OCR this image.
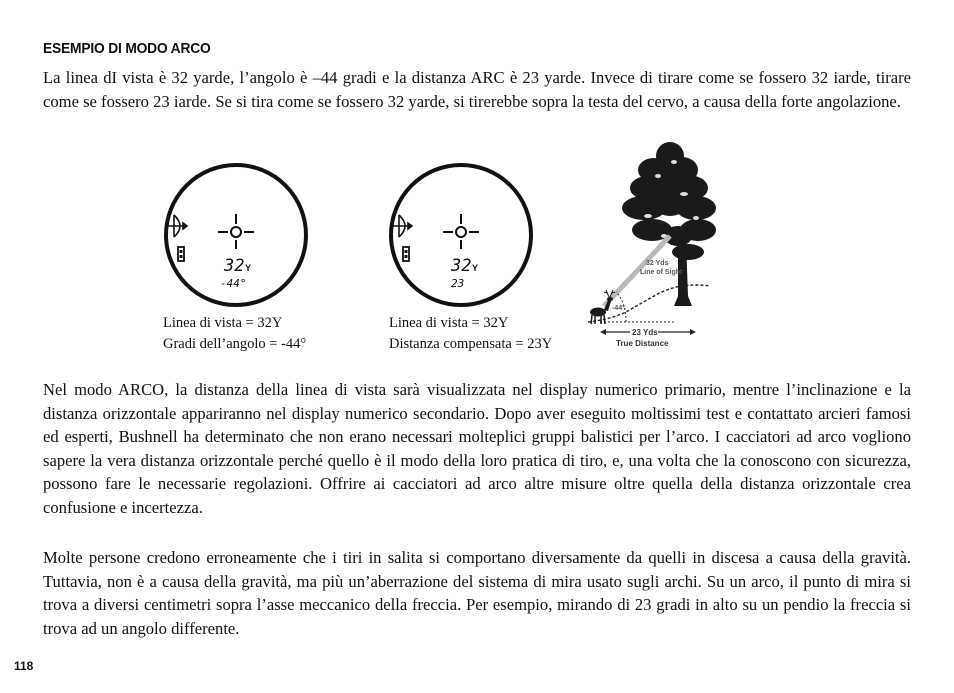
ESEMPIO DI MODO ARCO

La linea dI vista è 32 yarde, l’angolo è –44 gradi e la distanza ARC è 23 yarde. Invece di tirare come se fossero 32 iarde, tirare come se fossero 23 iarde. Se si tira come se fossero 32 yarde, si tirerebbe sopra la testa del cervo, a causa della forte angolazione.

32 Y
-44°
32 Y
23
Linea di vista = 32Y
Gradi dell’angolo = -44°
Linea di vista = 32Y
Distanza compensata = 23Y
32 Yds
Line of Sight
-44°
23 Yds
True Distance

Nel modo ARCO, la distanza della linea di vista sarà visualizzata nel display numerico primario, mentre l’inclinazione e la distanza orizzontale appariranno nel display numerico secondario. Dopo aver eseguito moltissimi test e contattato arcieri famosi ed esperti, Bushnell ha determinato che non erano necessari molteplici gruppi balistici per l’arco. I cacciatori ad arco vogliono sapere la vera distanza orizzontale perché quello è il modo della loro pratica di tiro, e, una volta che la conoscono con sicurezza, possono fare le necessarie regolazioni. Offrire ai cacciatori ad arco altre misure oltre quella della distanza orizzontale crea confusione e incertezza.

Molte persone credono erroneamente che i tiri in salita si comportano diversamente da quelli in discesa a causa della gravità. Tuttavia, non è a causa della gravità, ma più un’aberrazione del sistema di mira usato sugli archi. Su un arco, il punto di mira si trova a diversi centimetri sopra l’asse meccanico della freccia. Per esempio, mirando di 23 gradi in alto su un pendio la freccia si trova ad un angolo differente.

118
